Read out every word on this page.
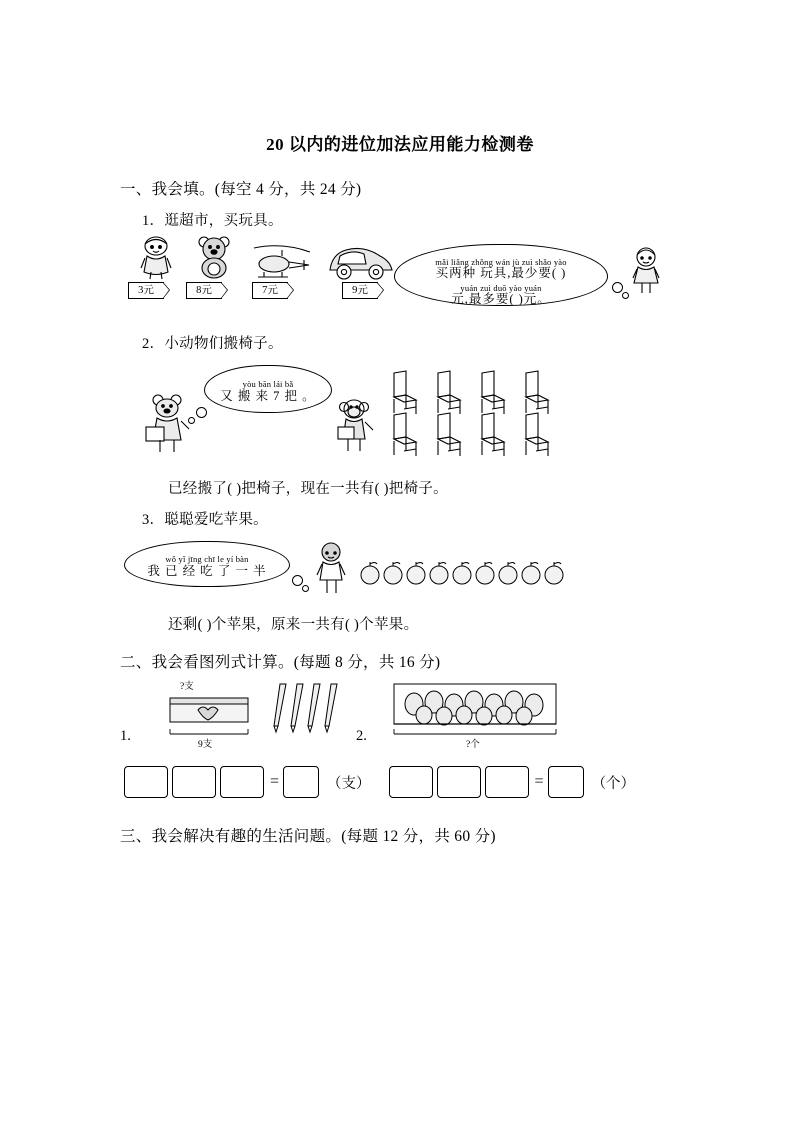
20 以内的进位加法应用能力检测卷
一、我会填。(每空 4 分，共 24 分)
1．逛超市，买玩具。
3元	8元	7元	9元
mǎi liǎng zhǒng wán jù zuì shǎo yào
买两种 玩具,最少要( )
yuán zuì duō yào yuán
元,最多要( )元。
2．小动物们搬椅子。
yòu bān lái bǎ
又 搬 来 7 把 。
已经搬了( )把椅子，现在一共有( )把椅子。
3．聪聪爱吃苹果。
wǒ yǐ jīng chī le yí bàn
我 已 经 吃 了 一 半
还剩( )个苹果，原来一共有( )个苹果。
二、我会看图列式计算。(每题 8 分，共 16 分)
1.
?支
9支
2.
?个
=	（支）	=	（个）
三、我会解决有趣的生活问题。(每题 12 分，共 60 分)
